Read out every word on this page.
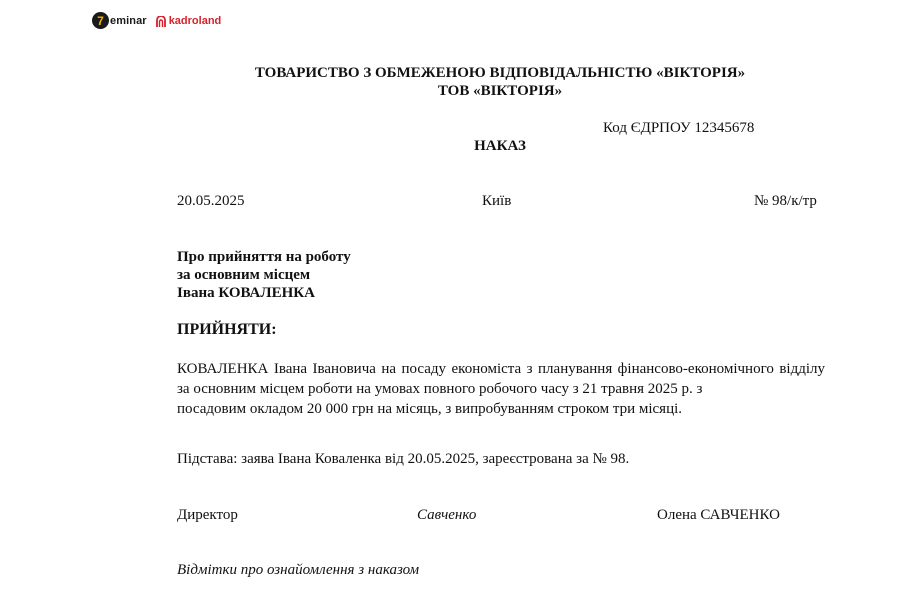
7 eminar kadroland
ТОВАРИСТВО З ОБМЕЖЕНОЮ ВІДПОВІДАЛЬНІСТЮ «ВІКТОРІЯ»
ТОВ «ВІКТОРІЯ»
Код ЄДРПОУ 12345678
НАКАЗ
20.05.2025	Київ	№ 98/к/тр
Про прийняття на роботу
за основним місцем
Івана КОВАЛЕНКА
ПРИЙНЯТИ:
КОВАЛЕНКА Івана Івановича на посаду економіста з планування фінансово-економічного відділу за основним місцем роботи на умовах повного робочого часу з 21 травня 2025 р. з
посадовим окладом 20 000 грн на місяць, з випробуванням строком три місяці.
Підстава: заява Івана Коваленка від 20.05.2025, зареєстрована за № 98.
Директор	Савченко	Олена САВЧЕНКО
Відмітки про ознайомлення з наказом
